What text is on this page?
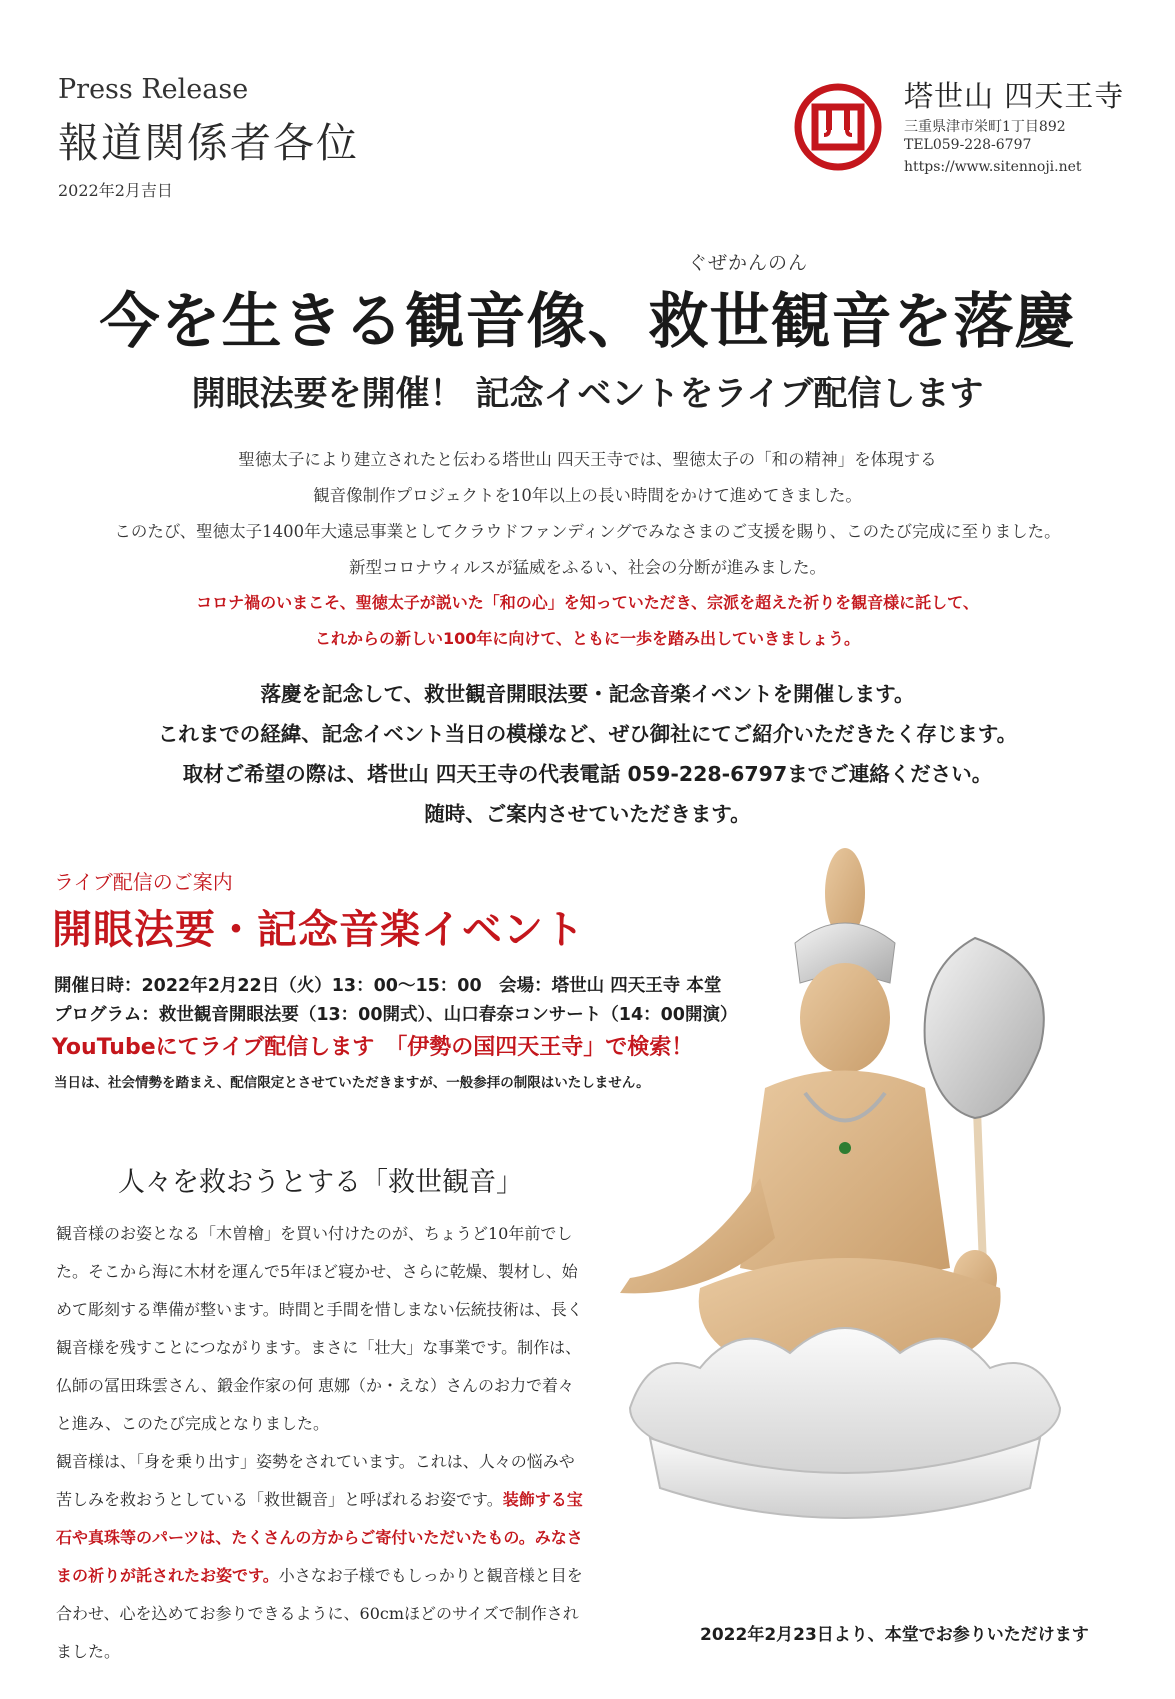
Press Release
報道関係者各位
2022年2月吉日
塔世山 四天王寺
三重県津市栄町1丁目892
TEL059-228-6797
https://www.sitennoji.net
ぐぜかんのん
今を生きる観音像、救世観音を落慶
開眼法要を開催！ 記念イベントをライブ配信します
聖徳太子により建立されたと伝わる塔世山 四天王寺では、聖徳太子の「和の精神」を体現する
観音像制作プロジェクトを10年以上の長い時間をかけて進めてきました。
このたび、聖徳太子1400年大遠忌事業としてクラウドファンディングでみなさまのご支援を賜り、このたび完成に至りました。
新型コロナウィルスが猛威をふるい、社会の分断が進みました。
コロナ禍のいまこそ、聖徳太子が説いた「和の心」を知っていただき、宗派を超えた祈りを観音様に託して、
これからの新しい100年に向けて、ともに一歩を踏み出していきましょう。
落慶を記念して、救世観音開眼法要・記念音楽イベントを開催します。
これまでの経緯、記念イベント当日の模様など、ぜひ御社にてご紹介いただきたく存じます。
取材ご希望の際は、塔世山 四天王寺の代表電話 059-228-6797までご連絡ください。
随時、ご案内させていただきます。
ライブ配信のご案内
開眼法要・記念音楽イベント
開催日時：2022年2月22日（火）13：00〜15：00　会場：塔世山 四天王寺 本堂
プログラム：救世観音開眼法要（13：00開式）、山口春奈コンサート（14：00開演）
YouTubeにてライブ配信します　「伊勢の国四天王寺」で検索！
当日は、社会情勢を踏まえ、配信限定とさせていただきますが、一般参拝の制限はいたしません。
人々を救おうとする「救世観音」
観音様のお姿となる「木曽檜」を買い付けたのが、ちょうど10年前でした。そこから海に木材を運んで5年ほど寝かせ、さらに乾燥、製材し、始めて彫刻する準備が整います。時間と手間を惜しまない伝統技術は、長く観音様を残すことにつながります。まさに「壮大」な事業です。制作は、仏師の冨田珠雲さん、鍛金作家の何 恵娜（か・えな）さんのお力で着々と進み、このたび完成となりました。
観音様は、「身を乗り出す」姿勢をされています。これは、人々の悩みや苦しみを救おうとしている「救世観音」と呼ばれるお姿です。装飾する宝石や真珠等のパーツは、たくさんの方からご寄付いただいたもの。みなさまの祈りが託されたお姿です。小さなお子様でもしっかりと観音様と目を合わせ、心を込めてお参りできるように、60cmほどのサイズで制作されました。
2022年2月23日より、本堂でお参りいただけます
